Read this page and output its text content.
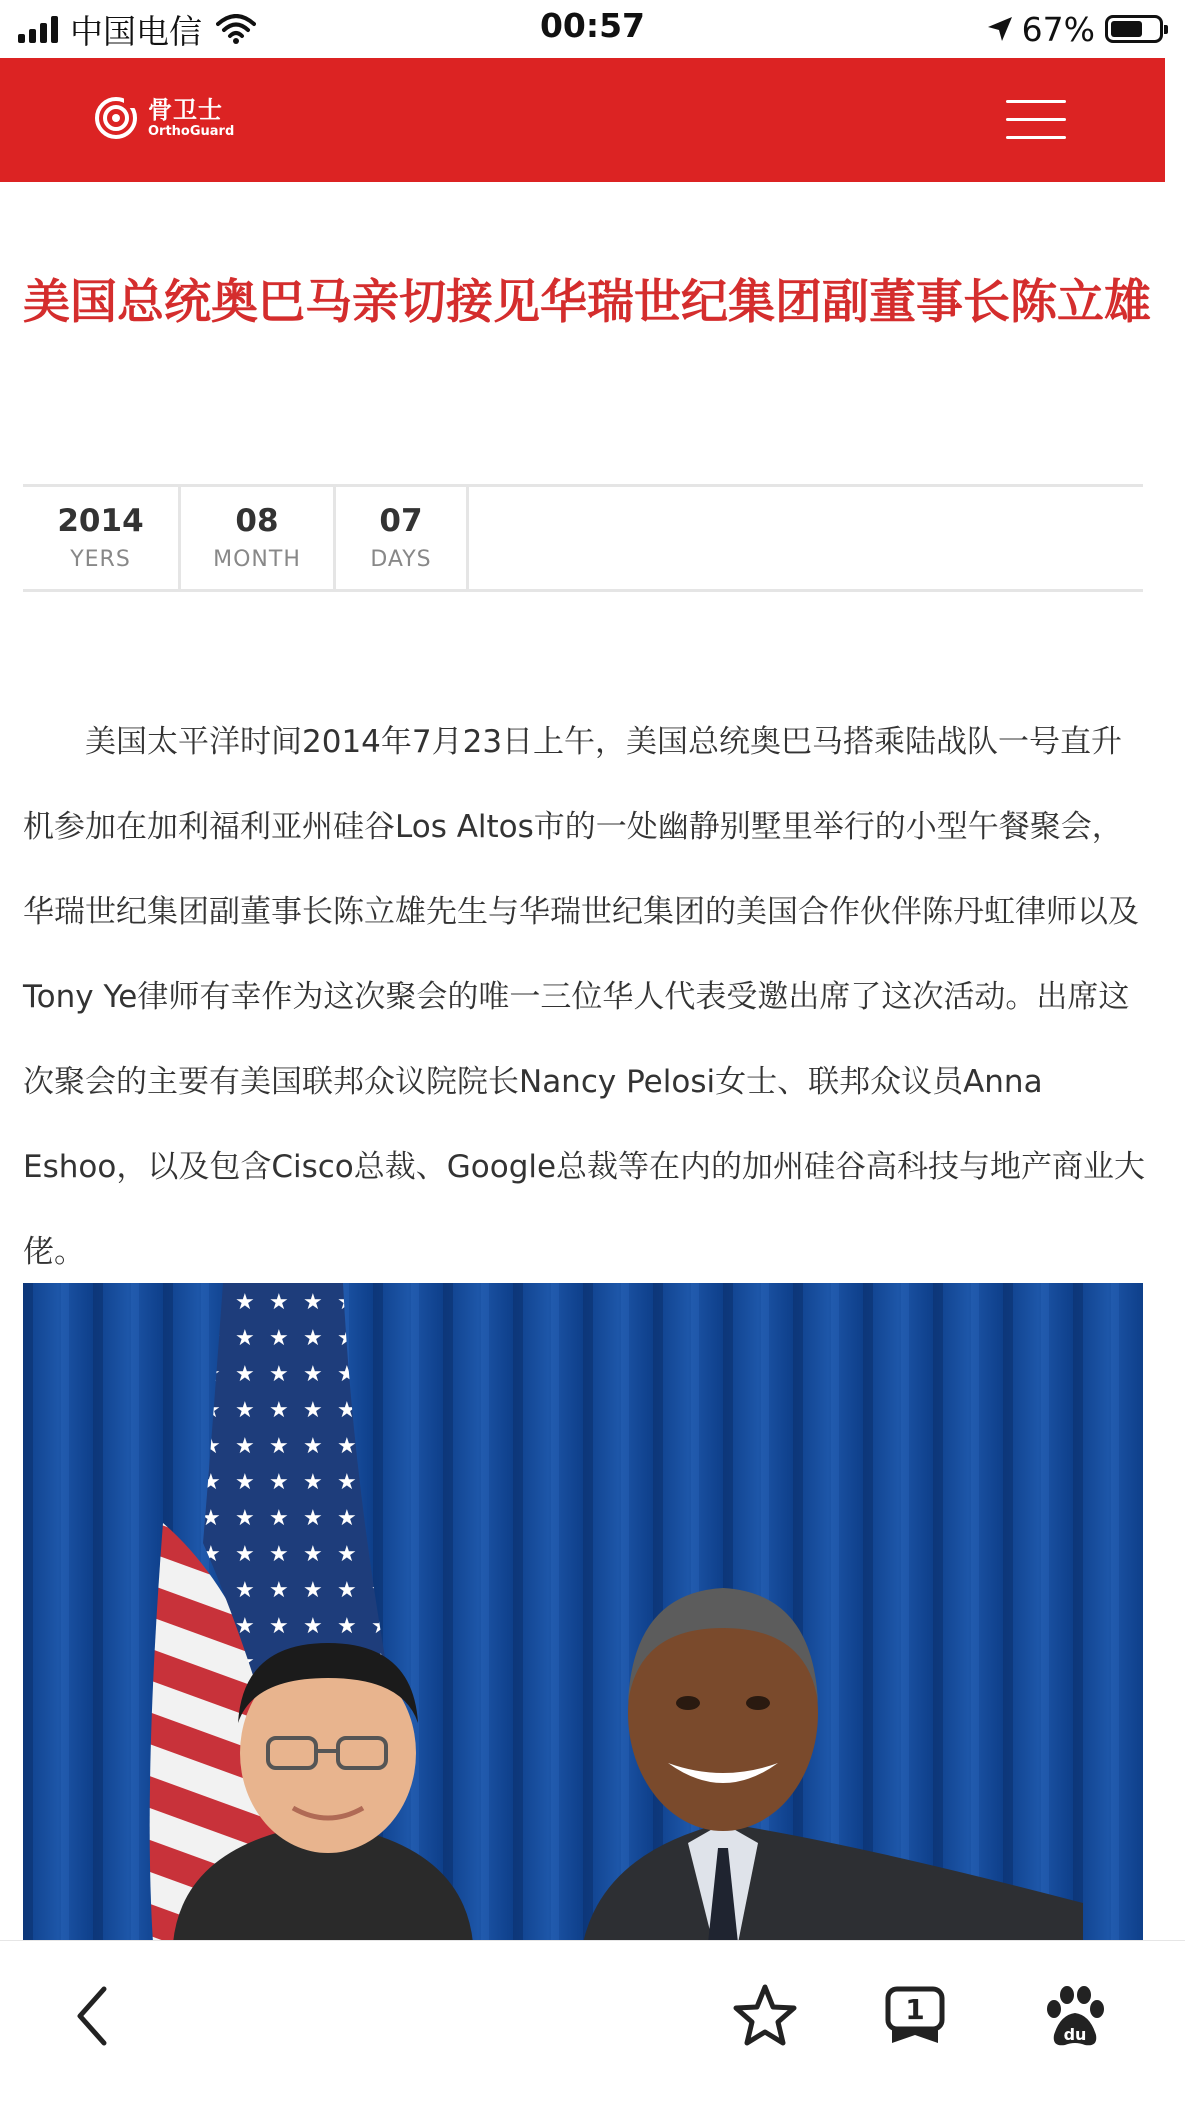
中国电信	00:57	67%
骨卫士
OrthoGuard
美国总统奥巴马亲切接见华瑞世纪集团副董事长陈立雄
2014
YERS
08
MONTH
07
DAYS

美国太平洋时间2014年7月23日上午，美国总统奥巴马搭乘陆战队一号直升机参加在加利福利亚州硅谷Los Altos市的一处幽静别墅里举行的小型午餐聚会，华瑞世纪集团副董事长陈立雄先生与华瑞世纪集团的美国合作伙伴陈丹虹律师以及Tony Ye律师有幸作为这次聚会的唯一三位华人代表受邀出席了这次活动。出席这次聚会的主要有美国联邦众议院院长Nancy Pelosi女士、联邦众议员Anna Eshoo，以及包含Cisco总裁、Google总裁等在内的加州硅谷高科技与地产商业大佬。

1
du
